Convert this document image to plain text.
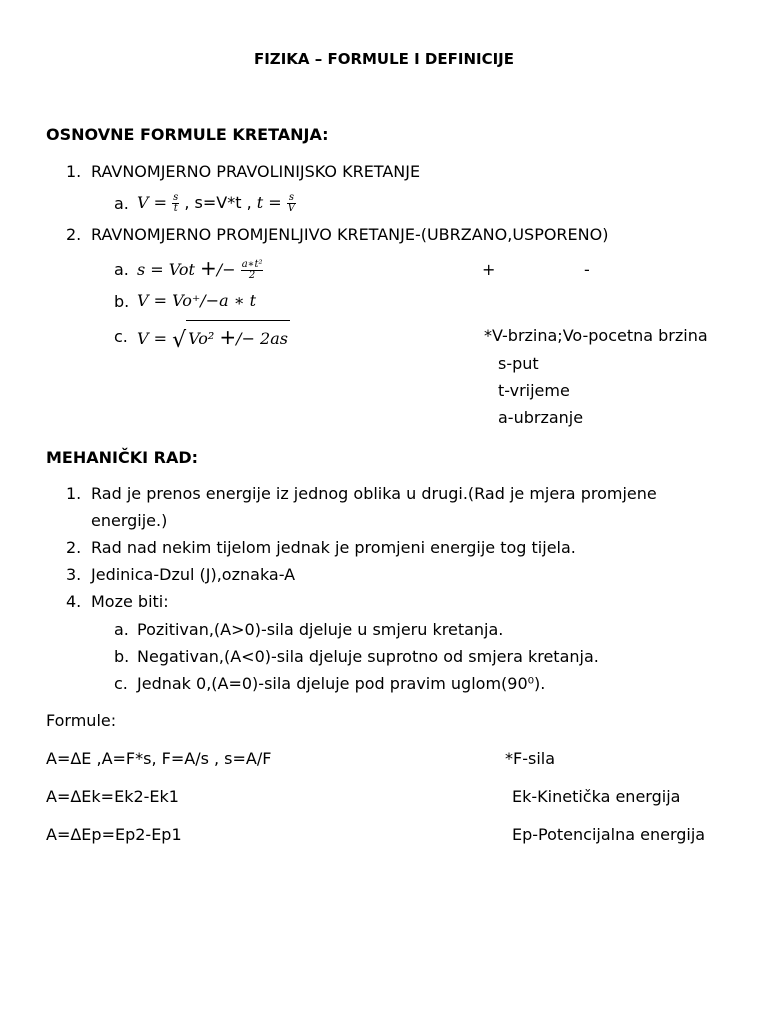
FIZIKA – FORMULE I DEFINICIJE
OSNOVNE FORMULE KRETANJA:
1. RAVNOMJERNO PRAVOLINIJSKO KRETANJE
a. $V = \frac{s}{t}$ , s=V*t , $t = \frac{s}{V}$
2. RAVNOMJERNO PROMJENLJIVO KRETANJE-(UBRZANO,USPORENO)
a. s = Vot +/− $\frac{\text{a∗t²}}{2}$	+	-
b. V = Vo⁺/−a ∗ t
c. V = √ Vo² +/− 2as	*V-brzina;Vo-pocetna brzina
s-put
t-vrijeme
a-ubrzanje
MEHANIČKI RAD:
1. Rad je prenos energije iz jednog oblika u drugi.(Rad je mjera promjene
energije.)
2. Rad nad nekim tijelom jednak je promjeni energije tog tijela.
3. Jedinica-Dzul (J),oznaka-A
4. Moze biti:
a. Pozitivan,(A>0)-sila djeluje u smjeru kretanja.
b. Negativan,(A<0)-sila djeluje suprotno od smjera kretanja.
c. Jednak 0,(A=0)-sila djeluje pod pravim uglom(90⁰).
Formule:
A=ΔE ,A=F*s, F=A/s , s=A/F	*F-sila
A=ΔEk=Ek2-Ek1	Ek-Kinetička energija
A=ΔEp=Ep2-Ep1	Ep-Potencijalna energija
